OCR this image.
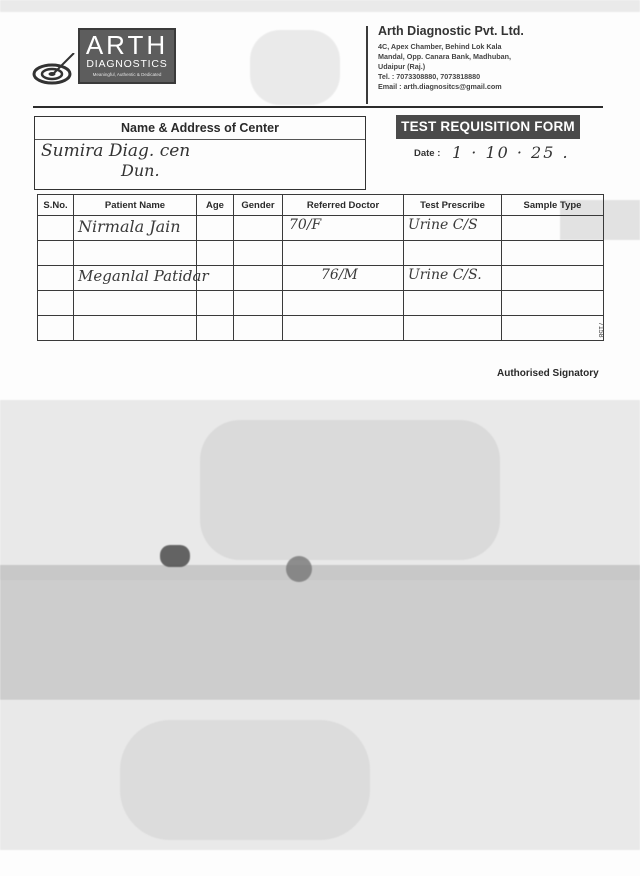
ARTH
DIAGNOSTICS
Meaningful, Authentic & Dedicated
Arth Diagnostic Pvt. Ltd.
4C, Apex Chamber, Behind Lok Kala
Mandal, Opp. Canara Bank, Madhuban,
Udaipur (Raj.)
Tel. : 7073308880, 7073818880
Email : arth.diagnositcs@gmail.com
Name & Address of Center
Sumira Diag. cen
Dun.
TEST REQUISITION FORM
Date : 1 · 10 · 25 .
S.No.	Patient Name	Age	Gender	Referred Doctor	Test Prescribe	Sample Type

	Nirmala Jain			70/F	Urine C/S	

	Meganlal Patidar			76/M	Urine C/S.	

7158
Authorised Signatory
